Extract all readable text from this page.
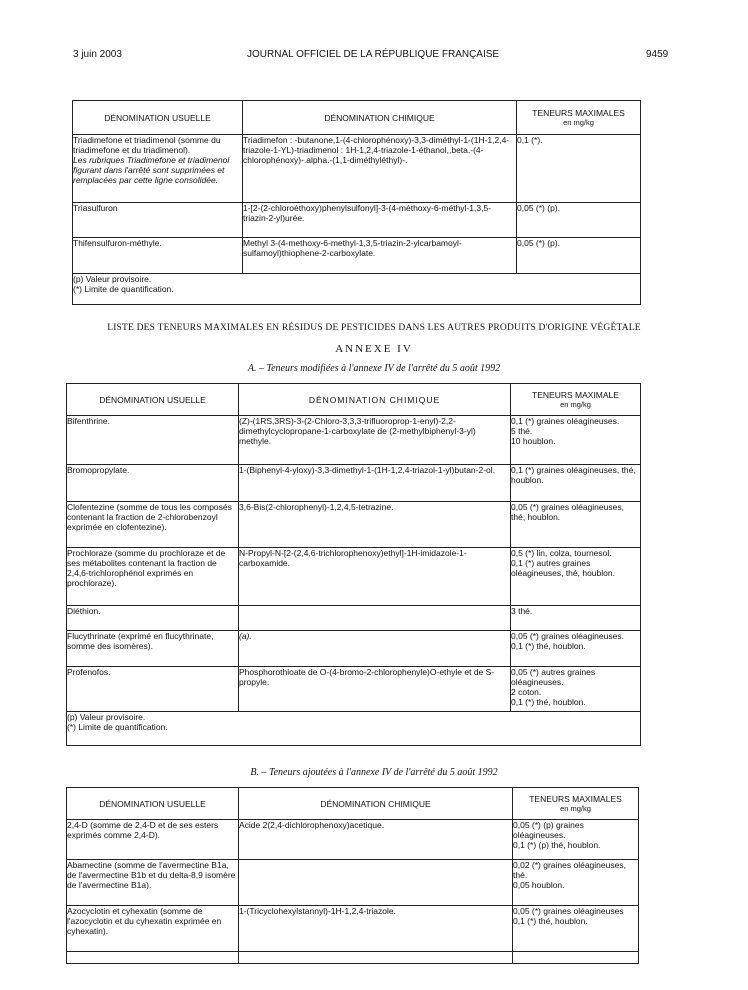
3 juin 2003	JOURNAL OFFICIEL DE LA RÉPUBLIQUE FRANÇAISE	9459
DÉNOMINATION USUELLE	DÉNOMINATION CHIMIQUE	TENEURS MAXIMALES
en mg/kg

Triadimefone et triadimenol (somme du triadimefone et du triadimenol).
Les rubriques Triadimefone et triadimenol figurant dans l'arrêté sont supprimées et remplacées par cette ligne consolidée.	Triadimefon : -butanone,1-(4-chlorophénoxy)-3,3-diméthyl-1-(1H-1,2,4-triazole-1-YL)-triadimenol : 1H-1,2,4-triazole-1-éthanol,,beta.-(4-chlorophénoxy)-.alpha.-(1,1-diméthyléthyl)-.	0,1 (*).
Triasulfuron	1-[2-(2-chloroéthoxy)phenylsulfonyl]-3-(4-méthoxy-6-méthyl-1,3,5-triazin-2-yl)urée.	0,05 (*) (p).
Thifensulfuron-méthyle.	Methyl 3-(4-methoxy-6-methyl-1,3,5-triazin-2-ylcarbamoyl-sulfamoyl)thiophene-2-carboxylate.	0,05 (*) (p).

(p) Valeur provisoire.
(*) Limite de quantification.		
LISTE DES TENEURS MAXIMALES EN RÉSIDUS DE PESTICIDES DANS LES AUTRES PRODUITS D'ORIGINE VÉGÉTALE
ANNEXE IV
A. – Teneurs modifiées à l'annexe IV de l'arrêté du 5 août 1992
DÉNOMINATION USUELLE	DÉNOMINATION CHIMIQUE	TENEURS MAXIMALE
en mg/kg

Bifenthrine.	(Z)-(1RS,3RS)-3-(2-Chloro-3,3,3-trifluoroprop-1-enyl)-2,2-dimethylcyclopropane-1-carboxylate de (2-methylbiphenyl-3-yl) methyle.	0,1 (*) graines oléagineuses.
5 thé.
10 houblon.

Bromopropylate.	1-(Biphenyl-4-yloxy)-3,3-dimethyl-1-(1H-1,2,4-triazol-1-yl)butan-2-ol.	0,1 (*) graines oléagineuses, thé, houblon.
Clofentezine (somme de tous les composés contenant la fraction de 2-chlorobenzoyl exprimée en clofentezine).	3,6-Bis(2-chlorophenyl)-1,2,4,5-tetrazine.	0,05 (*) graines oléagineuses, thé, houblon.
Prochloraze (somme du prochloraze et de ses métabolites contenant la fraction de 2,4,6-trichlorophénol exprimés en prochloraze).	N-Propyl-N-[2-(2,4,6-trichlorophenoxy)ethyl]-1H-imidazole-1-carboxamide.	0,5 (*) lin, colza, tournesol.
0,1 (*) autres graines oléagineuses, thé, houblon.

Diéthion.		3 thé.
Flucythrinate (exprimé en flucythrinate, somme des isomères).	(a).	0,05 (*) graines oléagineuses.
0,1 (*) thé, houblon.

Profenofos.	Phosphorothioate de O-(4-bromo-2-chlorophenyle)O-ethyle et de S-propyle.	0,05 (*) autres graines oléagineuses.
2 coton.
0,1 (*) thé, houblon.

(p) Valeur provisoire.
(*) Limite de quantification.		
B. – Teneurs ajoutées à l'annexe IV de l'arrêté du 5 août 1992
DÉNOMINATION USUELLE	DÉNOMINATION CHIMIQUE	TENEURS MAXIMALES
en mg/kg

2,4-D (somme de 2,4-D et de ses esters exprimés comme 2,4-D).	Acide 2(2,4-dichlorophenoxy)acetique.	0,05 (*) (p) graines oléagineuses.
0,1 (*) (p) thé, houblon.

Abamectine (somme de l'avermectine B1a, de l'avermectine B1b et du delta-8,9 isomère de l'avermectine B1a).		0,02 (*) graines oléagineuses, thé.
0,05 houblon.

Azocyclotin et cyhexatin (somme de l'azocyclotin et du cyhexatin exprimée en cyhexatin).	1-(Tricyclohexylstannyl)-1H-1,2,4-triazole.	0,05 (*) graines oléagineuses
0,1 (*) thé, houblon.
